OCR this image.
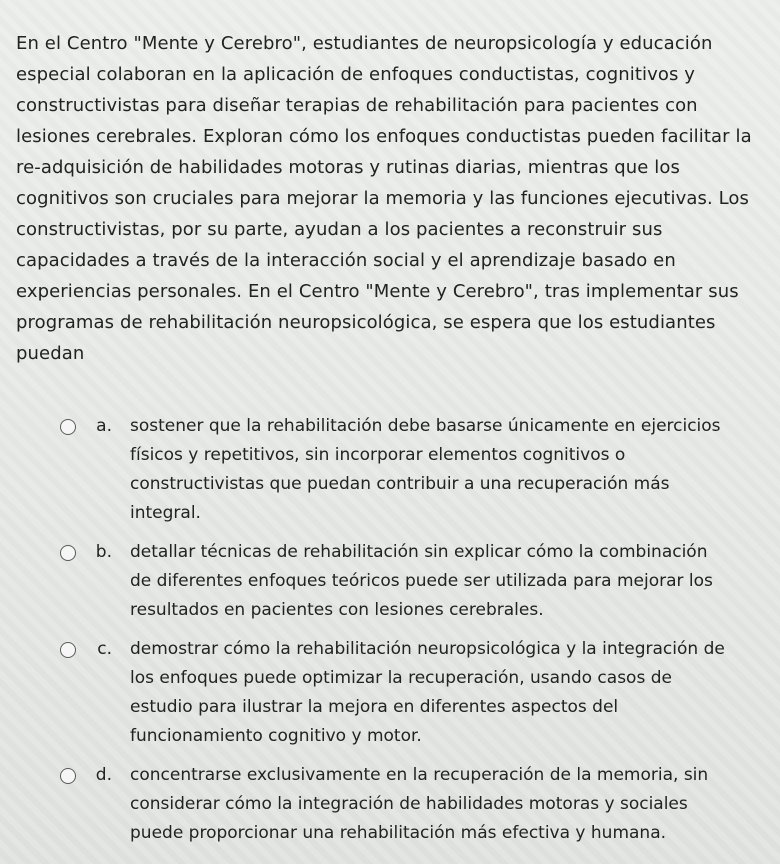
En el Centro "Mente y Cerebro", estudiantes de neuropsicología y educación especial colaboran en la aplicación de enfoques conductistas, cognitivos y constructivistas para diseñar terapias de rehabilitación para pacientes con lesiones cerebrales. Exploran cómo los enfoques conductistas pueden facilitar la re-adquisición de habilidades motoras y rutinas diarias, mientras que los cognitivos son cruciales para mejorar la memoria y las funciones ejecutivas. Los constructivistas, por su parte, ayudan a los pacientes a reconstruir sus capacidades a través de la interacción social y el aprendizaje basado en experiencias personales. En el Centro "Mente y Cerebro", tras implementar sus programas de rehabilitación neuropsicológica, se espera que los estudiantes puedan
a. sostener que la rehabilitación debe basarse únicamente en ejercicios físicos y repetitivos, sin incorporar elementos cognitivos o constructivistas que puedan contribuir a una recuperación más integral.
b. detallar técnicas de rehabilitación sin explicar cómo la combinación de diferentes enfoques teóricos puede ser utilizada para mejorar los resultados en pacientes con lesiones cerebrales.
c. demostrar cómo la rehabilitación neuropsicológica y la integración de los enfoques puede optimizar la recuperación, usando casos de estudio para ilustrar la mejora en diferentes aspectos del funcionamiento cognitivo y motor.
d. concentrarse exclusivamente en la recuperación de la memoria, sin considerar cómo la integración de habilidades motoras y sociales puede proporcionar una rehabilitación más efectiva y humana.
